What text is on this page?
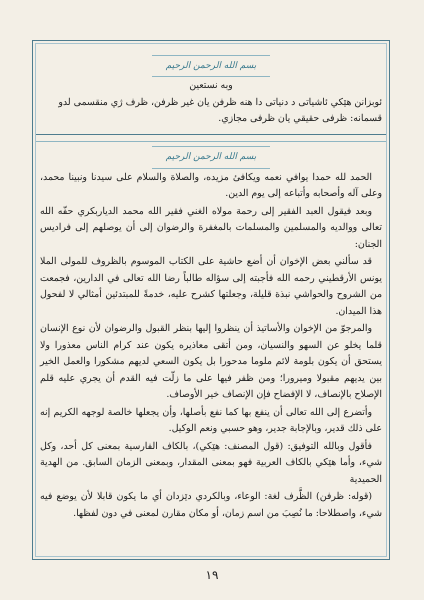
بسم الله الرحمن الرحيم

وبه نستعين

ئوبزانن هێكي ئاشياتى د دنياتى دا هنه ظرفن يان غير ظرفن، ظرف ژي منقسمى لدو

قسمانه: ظرفى حقيقي يان ظرفى مجازي.

بسم الله الرحمن الرحيم

الحمد لله حمدا يوافي نعمه ويكافئ مزيده، والصلاة والسلام على سيدنا ونبينا محمد، وعلى آله وأصحابه وأتباعه إلى يوم الدين.

وبعد فيقول العبد الفقير إلى رحمة مولاه الغني فقير الله محمد الدياربكري حفّه الله تعالى ووالديه والمسلمين والمسلمات بالمغفرة والرضوان إلى أن يوصلهم إلى فراديس الجنان:

قد سألني بعض الإخوان أن أضع حاشية على الكتاب الموسوم بالظروف للمولى الملا يونس الأرقطيني رحمه الله فأجبته إلى سؤاله طالباً رضا الله تعالى في الدارين، فجمعت من الشروح والحواشي نبذة قليلة، وجعلتها كشرح عليه، خدمةً للمبتدئين أمثالي لا لفحول هذا الميدان.

والمرجوّ من الإخوان والأساتيذ أن ينظروا إليها بنظر القبول والرضوان لأن نوع الإنسان قلما يخلو عن السهو والنسيان، ومن أتقى معاذيره يكون عند كرام الناس معذورا ولا يستحق أن يكون بلومة لائم ملوما مدحورا بل يكون السعي لديهم مشكورا والعمل الخير بين يديهم مقبولا وميرورا؛ ومن ظفر فيها على ما زلّت فيه القدم أن يجري عليه قلم الإصلاح بالإنصاف، لا الإفضاح فإن الإنصاف خير الأوصاف.

وأتضرع إلى الله تعالى أن ينفع بها كما نفع بأصلها، وأن يجعلها خالصة لوجهه الكريم إنه على ذلك قدير، وبالإجابة جدير، وهو حسبي ونعم الوكيل.

فأقول وبالله التوفيق: (قول المصنف: هێكي)، بالكاف الفارسية بمعنى كل أحد، وكل شيء، وأما هێكي بالكاف العربية فهو بمعنى المقدار، وبمعنى الزمان السابق. من الهدية الحميدية

(قوله: ظرفن) الظَّرف لغة: الوعاء، وبالكردي دێزدان أي ما يكون قابلا لأن يوضع فيه شيء، واصطلاحا: ما نُصِبَ من اسم زمان، أو مكان مقارن لمعنى في دون لفظها.

١٩
